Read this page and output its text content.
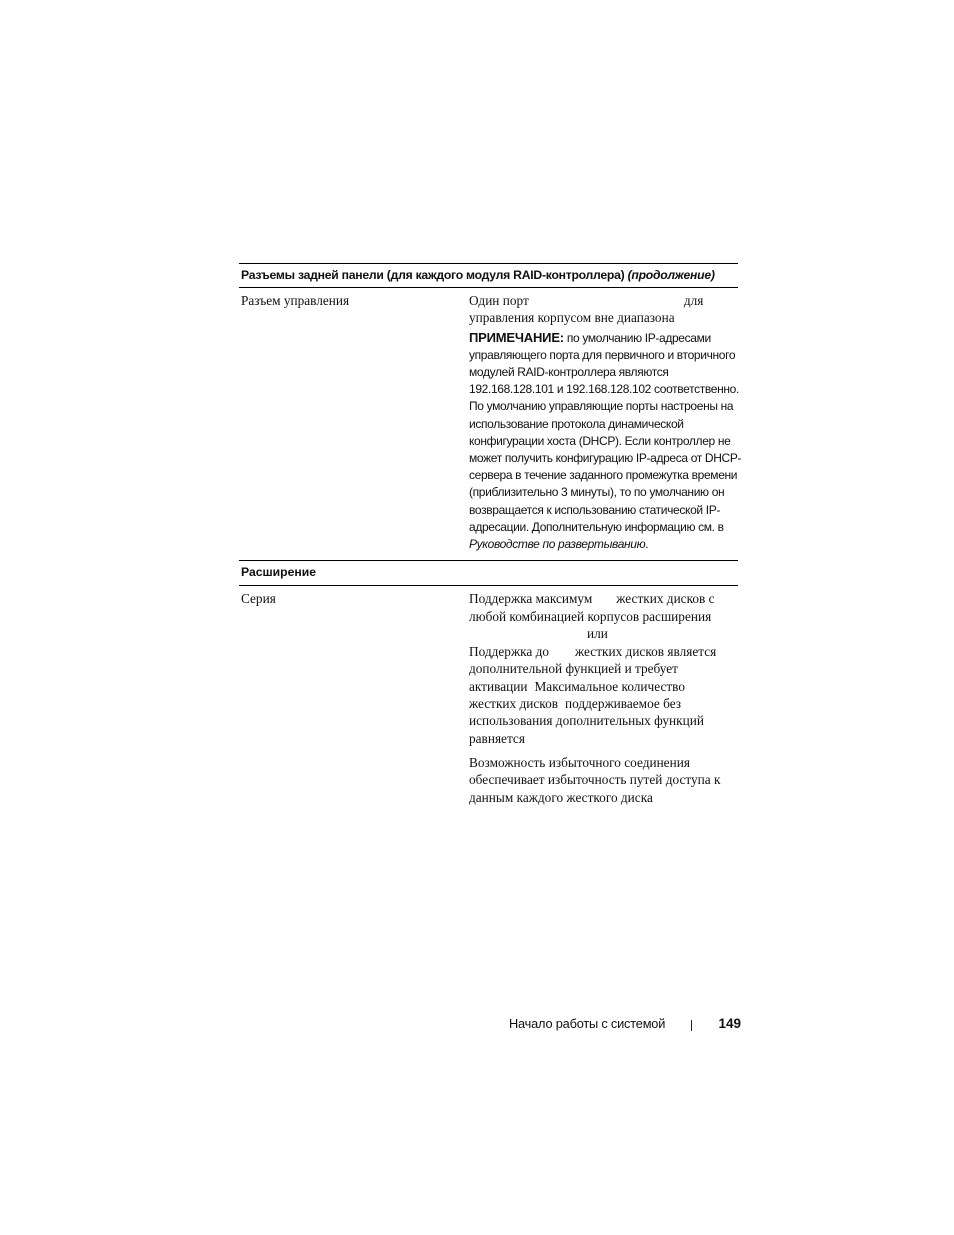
Разъемы задней панели (для каждого модуля RAID-контроллера) (продолжение)
Разъем управления	Один порт	для

управления корпусом вне диапазона

ПРИМЕЧАНИЕ: по умолчанию IP-адресами управляющего порта для первичного и вторичного модулей RAID-контроллера являются 192.168.128.101 и 192.168.128.102 соответственно. По умолчанию управляющие порты настроены на использование протокола динамической конфигурации хоста (DHCP). Если контроллер не может получить конфигурацию IP-адреса от DHCP-сервера в течение заданного промежутка времени (приблизительно 3 минуты), то по умолчанию он возвращается к использованию статической IP-адресации. Дополнительную информацию см. в Руководстве по развертыванию.
Расширение
Серия	Поддержка максимум жестких дисков с
любой комбинацией корпусов расширения
или

Поддержка до жестких дисков является
дополнительной функцией и требует
активации Максимальное количество
жестких дисков поддерживаемое без
использования дополнительных функций
равняется

Возможность избыточного соединения обеспечивает избыточность путей доступа к данным каждого жесткого диска

Начало работы с системой	149
